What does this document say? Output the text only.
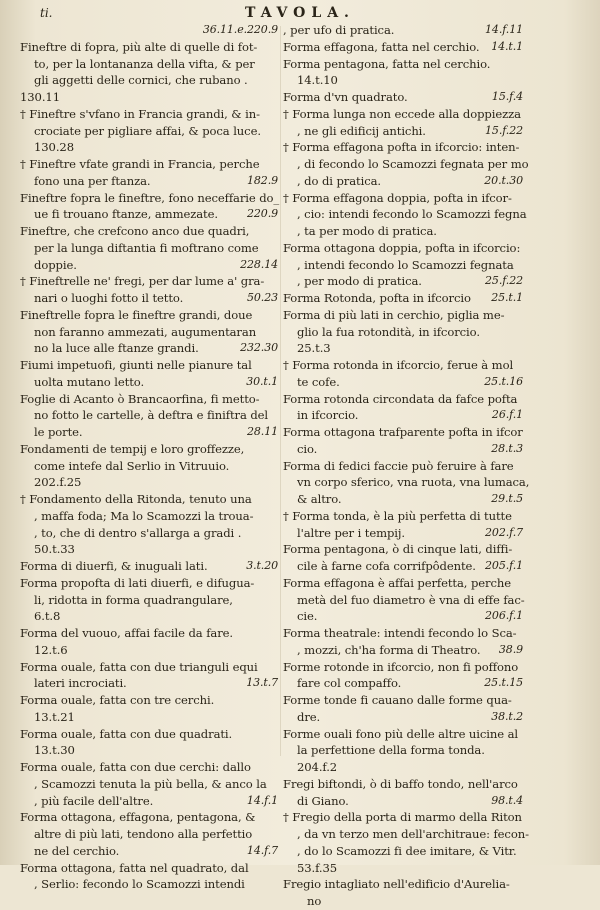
ti.	TAVOLA.
36.11.e.220.9
Fineftre di fopra, più alte di quelle di fot-
to, per la lontananza della vifta, & per
gli aggetti delle cornici, che rubano .
130.11
† Fineftre s'vfano in Francia grandi, & in-
crociate per pigliare affai, & poca luce.
130.28
† Fineftre vfate grandi in Francia, perche
fono una per ftanza.	182.9
Fineftre fopra le fineftre, fono neceffarie do_
ue fi trouano ftanze, ammezate.	220.9
Fineftre, che crefcono anco due quadri,
per la lunga diftantia fi moftrano come
doppie.	228.14
† Fineftrelle ne' fregi, per dar lume a' gra-
nari o luoghi fotto il tetto.	50.23
Fineftrelle fopra le fineftre grandi, doue
non faranno ammezati, augumentaran
no la luce alle ftanze grandi.	232.30
Fiumi impetuofi, giunti nelle pianure tal
uolta mutano letto.	30.t.1
Foglie di Acanto ò Brancaorfina, fi metto-
no fotto le cartelle, à deftra e finiftra del
le porte.	28.11
Fondamenti de tempij e loro groffezze,
come intefe dal Serlio in Vitruuio.
202.f.25
† Fondamento della Ritonda, tenuto una
, maffa foda; Ma lo Scamozzi la troua-
, to, che di dentro s'allarga a gradi .
50.t.33
Forma di diuerfi, & inuguali lati.	3.t.20
Forma propofta di lati diuerfi, e difugua-
li, ridotta in forma quadrangulare,
6.t.8
Forma del vuouo, affai facile da fare.
12.t.6
Forma ouale, fatta con due trianguli equi
lateri incrociati.	13.t.7
Forma ouale, fatta con tre cerchi.
13.t.21
Forma ouale, fatta con due quadrati.
13.t.30
Forma ouale, fatta con due cerchi: dallo
, Scamozzi tenuta la più bella, & anco la
, più facile dell'altre.	14.f.1
Forma ottagona, effagona, pentagona, &
altre di più lati, tendono alla perfettio
ne del cerchio.	14.f.7
Forma ottagona, fatta nel quadrato, dal
, Serlio: fecondo lo Scamozzi intendi
, per ufo di pratica.	14.f.11
Forma effagona, fatta nel cerchio. 14.t.1
Forma pentagona, fatta nel cerchio.
14.t.10
Forma d'vn quadrato.	15.f.4
† Forma lunga non eccede alla doppiezza
, ne gli edificij antichi.	15.f.22
† Forma effagona pofta in ifcorcio: inten-
, di fecondo lo Scamozzi fegnata per mo
, do di pratica.	20.t.30
† Forma effagona doppia, pofta in ifcor-
, cio: intendi fecondo lo Scamozzi fegna
, ta per modo di pratica.
Forma ottagona doppia, pofta in ifcorcio:
, intendi fecondo lo Scamozzi fegnata
, per modo di pratica.	25.f.22
Forma Rotonda, pofta in ifcorcio 25.t.1
Forma di più lati in cerchio, piglia me-
glio la fua rotondità, in ifcorcio.
25.t.3
† Forma rotonda in ifcorcio, ferue à mol
te cofe.	25.t.16
Forma rotonda circondata da fafce pofta
in ifcorcio.	26.f.1
Forma ottagona trafparente pofta in ifcor
cio.	28.t.3
Forma di fedici faccie può feruire à fare
vn corpo sferico, vna ruota, vna lumaca,
& altro.	29.t.5
† Forma tonda, è la più perfetta di tutte
l'altre per i tempij.	202.f.7
Forma pentagona, ò di cinque lati, diffi-
cile à farne cofa corrifpôdente. 205.f.1
Forma effagona è affai perfetta, perche
metà del fuo diametro è vna di effe fac-
cie.	206.f.1
Forma theatrale: intendi fecondo lo Sca-
, mozzi, ch'ha forma di Theatro. 38.9
Forme rotonde in ifcorcio, non fi poffono
fare col compaffo.	25.t.15
Forme tonde fi cauano dalle forme qua-
dre.	38.t.2
Forme ouali fono più delle altre uicine al
la perfettione della forma tonda.
204.f.2
Fregi biftondi, ò di baffo tondo, nell'arco
di Giano.	98.t.4
† Fregio della porta di marmo della Riton
, da vn terzo men dell'architraue: fecon-
, do lo Scamozzi fi dee imitare, & Vitr.
53.f.35
Fregio intagliato nell'edificio d'Aurelia-
no
